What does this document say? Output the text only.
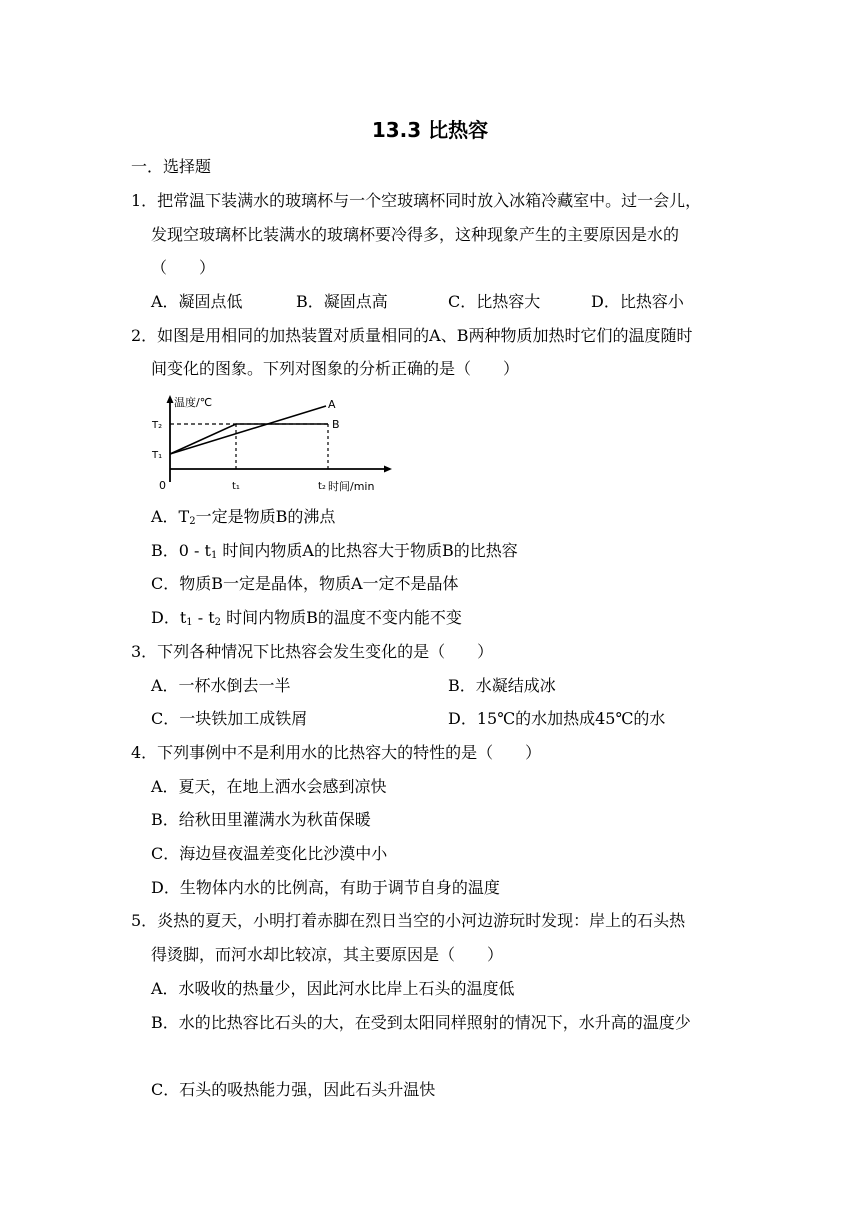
13.3 比热容
一．选择题
1．把常温下装满水的玻璃杯与一个空玻璃杯同时放入冰箱冷藏室中。过一会儿，
发现空玻璃杯比装满水的玻璃杯要冷得多，这种现象产生的主要原因是水的
（　　）
A．凝固点低	B．凝固点高	C．比热容大	D．比热容小
2．如图是用相同的加热装置对质量相同的A、B两种物质加热时它们的温度随时
间变化的图象。下列对图象的分析正确的是（　　）
温度/℃
时间/min
0
T₂
T₁
t₁	t₂
A
B
A．$T_2$一定是物质B的沸点
B．$0 - t_1$ 时间内物质A的比热容大于物质B的比热容
C．物质B一定是晶体，物质A一定不是晶体
D．$t_1 - t_2$ 时间内物质B的温度不变内能不变
3．下列各种情况下比热容会发生变化的是（　　）
A．一杯水倒去一半	B．水凝结成冰
C．一块铁加工成铁屑	D．15℃的水加热成45℃的水
4．下列事例中不是利用水的比热容大的特性的是（　　）
A．夏天，在地上洒水会感到凉快
B．给秋田里灌满水为秋苗保暖
C．海边昼夜温差变化比沙漠中小
D．生物体内水的比例高，有助于调节自身的温度
5．炎热的夏天，小明打着赤脚在烈日当空的小河边游玩时发现：岸上的石头热
得烫脚，而河水却比较凉，其主要原因是（　　）
A．水吸收的热量少，因此河水比岸上石头的温度低
B．水的比热容比石头的大，在受到太阳同样照射的情况下，水升高的温度少
C．石头的吸热能力强，因此石头升温快
